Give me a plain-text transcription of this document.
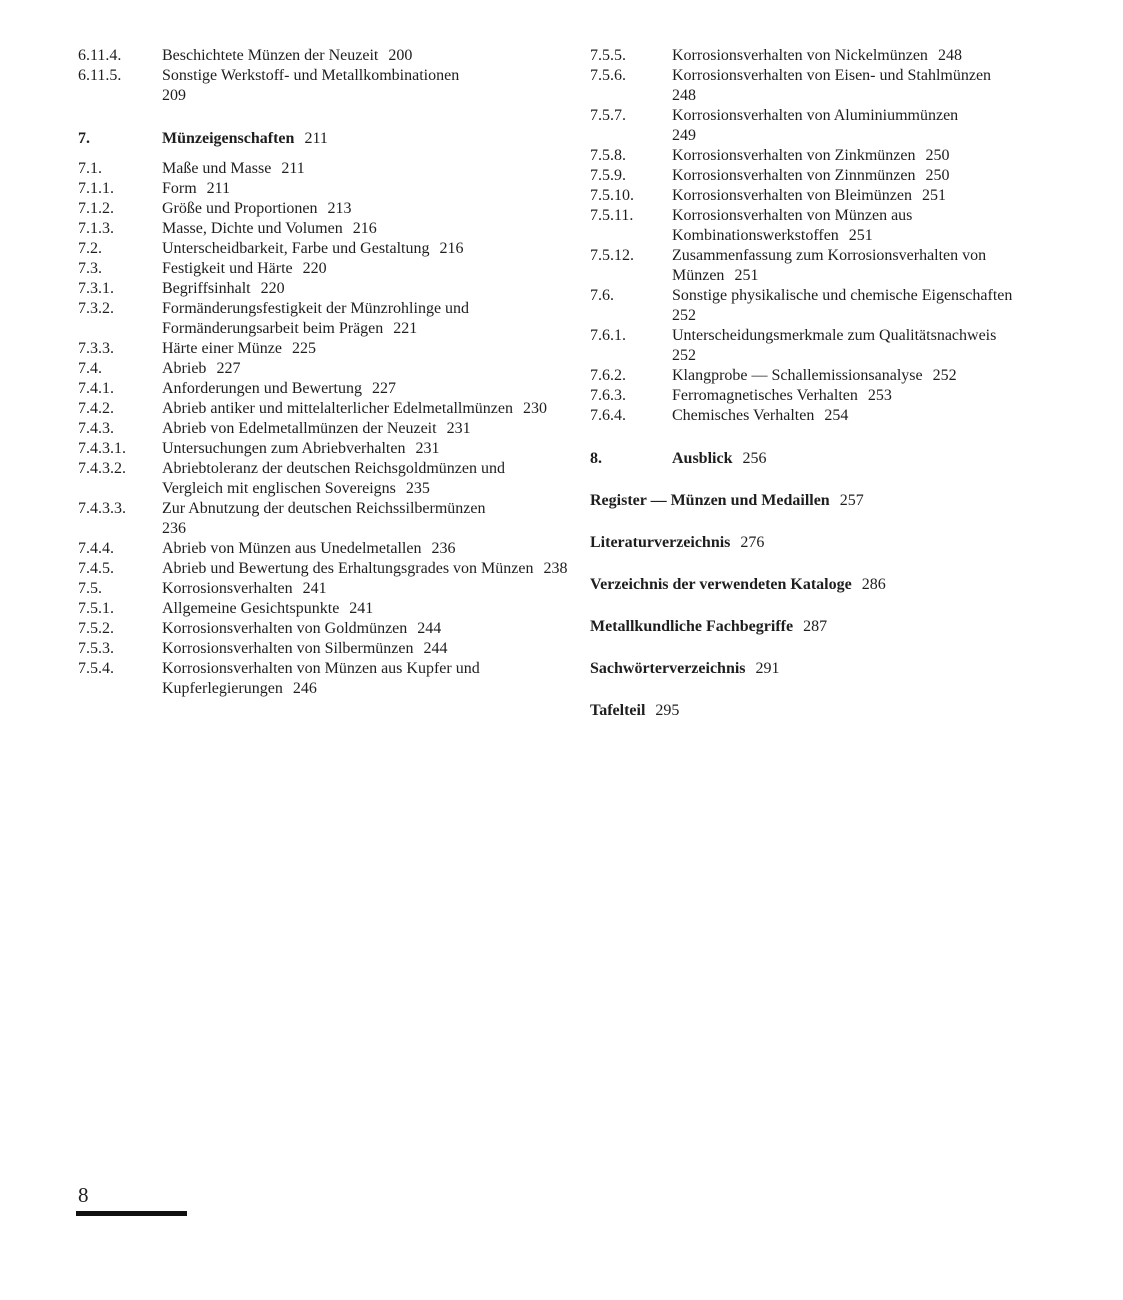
6.11.4.	Beschichtete Münzen der Neuzeit 200
6.11.5.	Sonstige Werkstoff- und Metallkombinationen
209
7.	Münzeigenschaften 211
7.1.	Maße und Masse 211
7.1.1.	Form 211
7.1.2.	Größe und Proportionen 213
7.1.3.	Masse, Dichte und Volumen 216
7.2.	Unterscheidbarkeit, Farbe und Gestaltung 216
7.3.	Festigkeit und Härte 220
7.3.1.	Begriffsinhalt 220
7.3.2.	Formänderungsfestigkeit der Münzrohlinge und Formänderungsarbeit beim Prägen 221
7.3.3.	Härte einer Münze 225
7.4.	Abrieb 227
7.4.1.	Anforderungen und Bewertung 227
7.4.2.	Abrieb antiker und mittelalterlicher Edelmetallmünzen 230
7.4.3.	Abrieb von Edelmetallmünzen der Neuzeit 231
7.4.3.1.	Untersuchungen zum Abriebverhalten 231
7.4.3.2.	Abriebtoleranz der deutschen Reichsgoldmünzen und Vergleich mit englischen Sovereigns 235
7.4.3.3.	Zur Abnutzung der deutschen Reichssilbermünzen
236
7.4.4.	Abrieb von Münzen aus Unedelmetallen 236
7.4.5.	Abrieb und Bewertung des Erhaltungsgrades von Münzen 238
7.5.	Korrosionsverhalten 241
7.5.1.	Allgemeine Gesichtspunkte 241
7.5.2.	Korrosionsverhalten von Goldmünzen 244
7.5.3.	Korrosionsverhalten von Silbermünzen 244
7.5.4.	Korrosionsverhalten von Münzen aus Kupfer und Kupferlegierungen 246
7.5.5.	Korrosionsverhalten von Nickelmünzen 248
7.5.6.	Korrosionsverhalten von Eisen- und Stahlmünzen
248
7.5.7.	Korrosionsverhalten von Aluminiummünzen
249
7.5.8.	Korrosionsverhalten von Zinkmünzen 250
7.5.9.	Korrosionsverhalten von Zinnmünzen 250
7.5.10.	Korrosionsverhalten von Bleimünzen 251
7.5.11.	Korrosionsverhalten von Münzen aus Kombinationswerkstoffen 251
7.5.12.	Zusammenfassung zum Korrosionsverhalten von Münzen 251
7.6.	Sonstige physikalische und chemische Eigenschaften
252
7.6.1.	Unterscheidungsmerkmale zum Qualitätsnachweis
252
7.6.2.	Klangprobe — Schallemissionsanalyse 252
7.6.3.	Ferromagnetisches Verhalten 253
7.6.4.	Chemisches Verhalten 254
8.	Ausblick 256
Register — Münzen und Medaillen 257
Literaturverzeichnis 276
Verzeichnis der verwendeten Kataloge 286
Metallkundliche Fachbegriffe 287
Sachwörterverzeichnis 291
Tafelteil 295
8
